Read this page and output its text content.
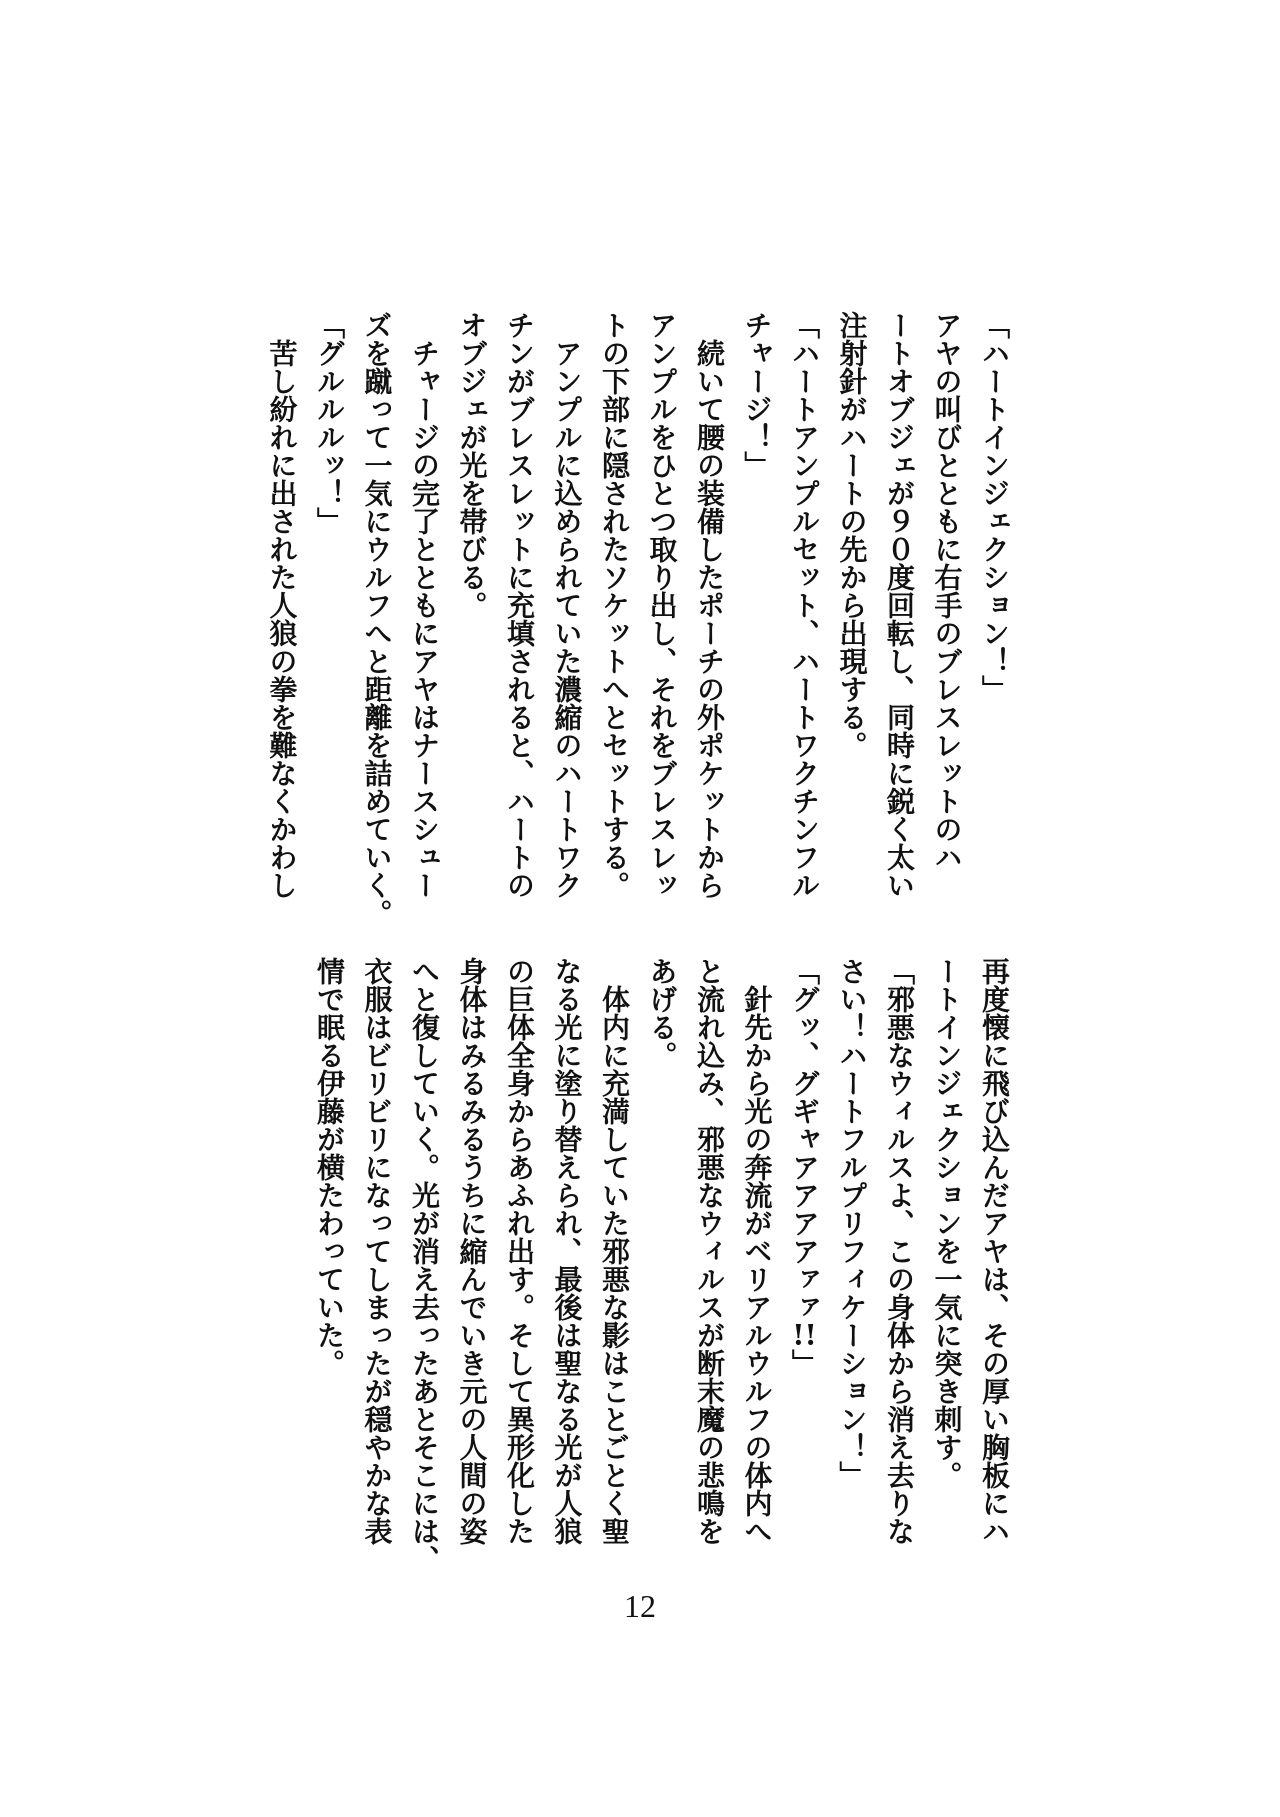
「ハートインジェクション！」

アヤの叫びとともに右手のブレスレットのハ

ートオブジェが９０度回転し、同時に鋭く太い

注射針がハートの先から出現する。

「ハートアンプルセット、ハートワクチンフル

チャージ！」

　続いて腰の装備したポーチの外ポケットから

アンプルをひとつ取り出し、それをブレスレッ

トの下部に隠されたソケットへとセットする。

　アンプルに込められていた濃縮のハートワク

チンがブレスレットに充填されると、ハートの

オブジェが光を帯びる。

　チャージの完了とともにアヤはナースシュー

ズを蹴って一気にウルフへと距離を詰めていく。

「グルルルッ！」

　苦し紛れに出された人狼の拳を難なくかわし

再度懐に飛び込んだアヤは、その厚い胸板にハ

ートインジェクションを一気に突き刺す。

「邪悪なウィルスよ、この身体から消え去りな

さい！ハートフルプリフィケーション！」

「グッ、グギャアアアアァァ!!」

　針先から光の奔流がベリアルウルフの体内へ

と流れ込み、邪悪なウィルスが断末魔の悲鳴を

あげる。

　体内に充満していた邪悪な影はことごとく聖

なる光に塗り替えられ、最後は聖なる光が人狼

の巨体全身からあふれ出す。そして異形化した

身体はみるみるうちに縮んでいき元の人間の姿

へと復していく。光が消え去ったあとそこには、

衣服はビリビリになってしまったが穏やかな表

情で眠る伊藤が横たわっていた。

12
